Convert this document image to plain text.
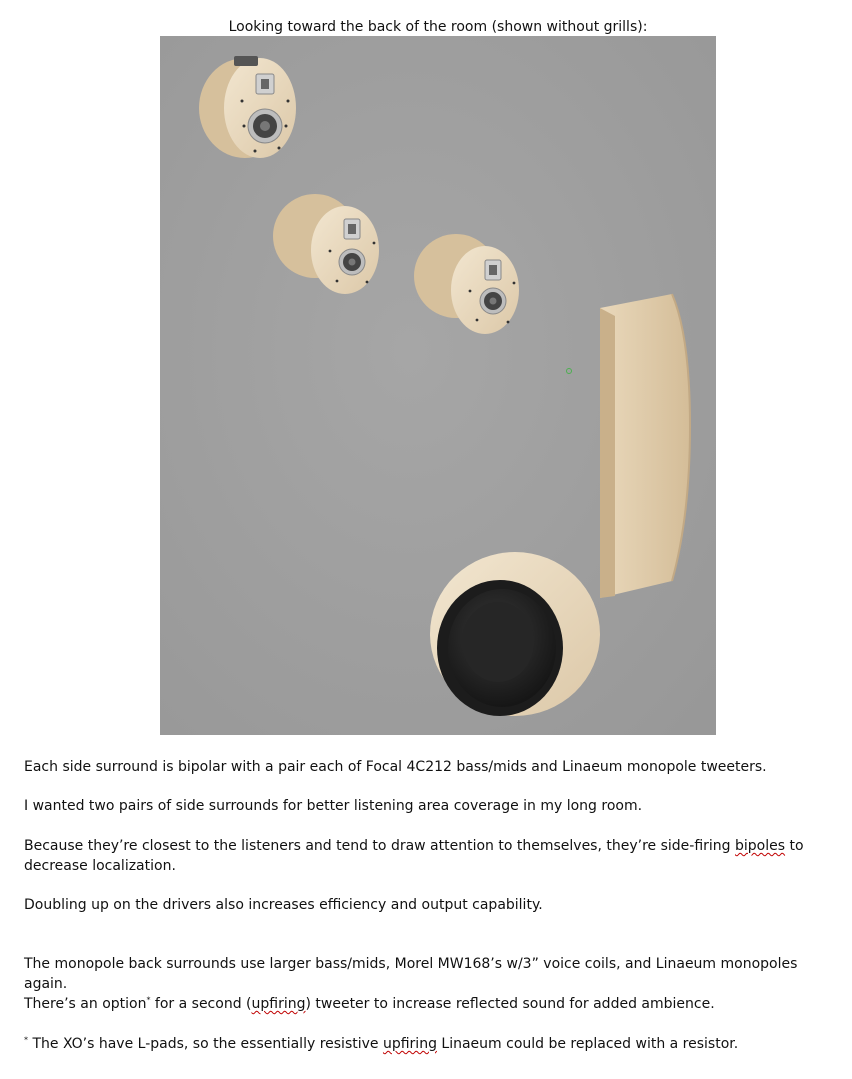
Looking toward the back of the room (shown without grills):

Each side surround is bipolar with a pair each of Focal 4C212 bass/mids and Linaeum monopole tweeters.

I wanted two pairs of side surrounds for better listening area coverage in my long room.

Because they’re closest to the listeners and tend to draw attention to themselves, they’re side-firing bipoles to decrease localization.

Doubling up on the drivers also increases efficiency and output capability.

The monopole back surrounds use larger bass/mids, Morel MW168’s w/3” voice coils, and Linaeum monopoles again.

There’s an option* for a second (upfiring) tweeter to increase reflected sound for added ambience.

* The XO’s have L-pads, so the essentially resistive upfiring Linaeum could be replaced with a resistor.
